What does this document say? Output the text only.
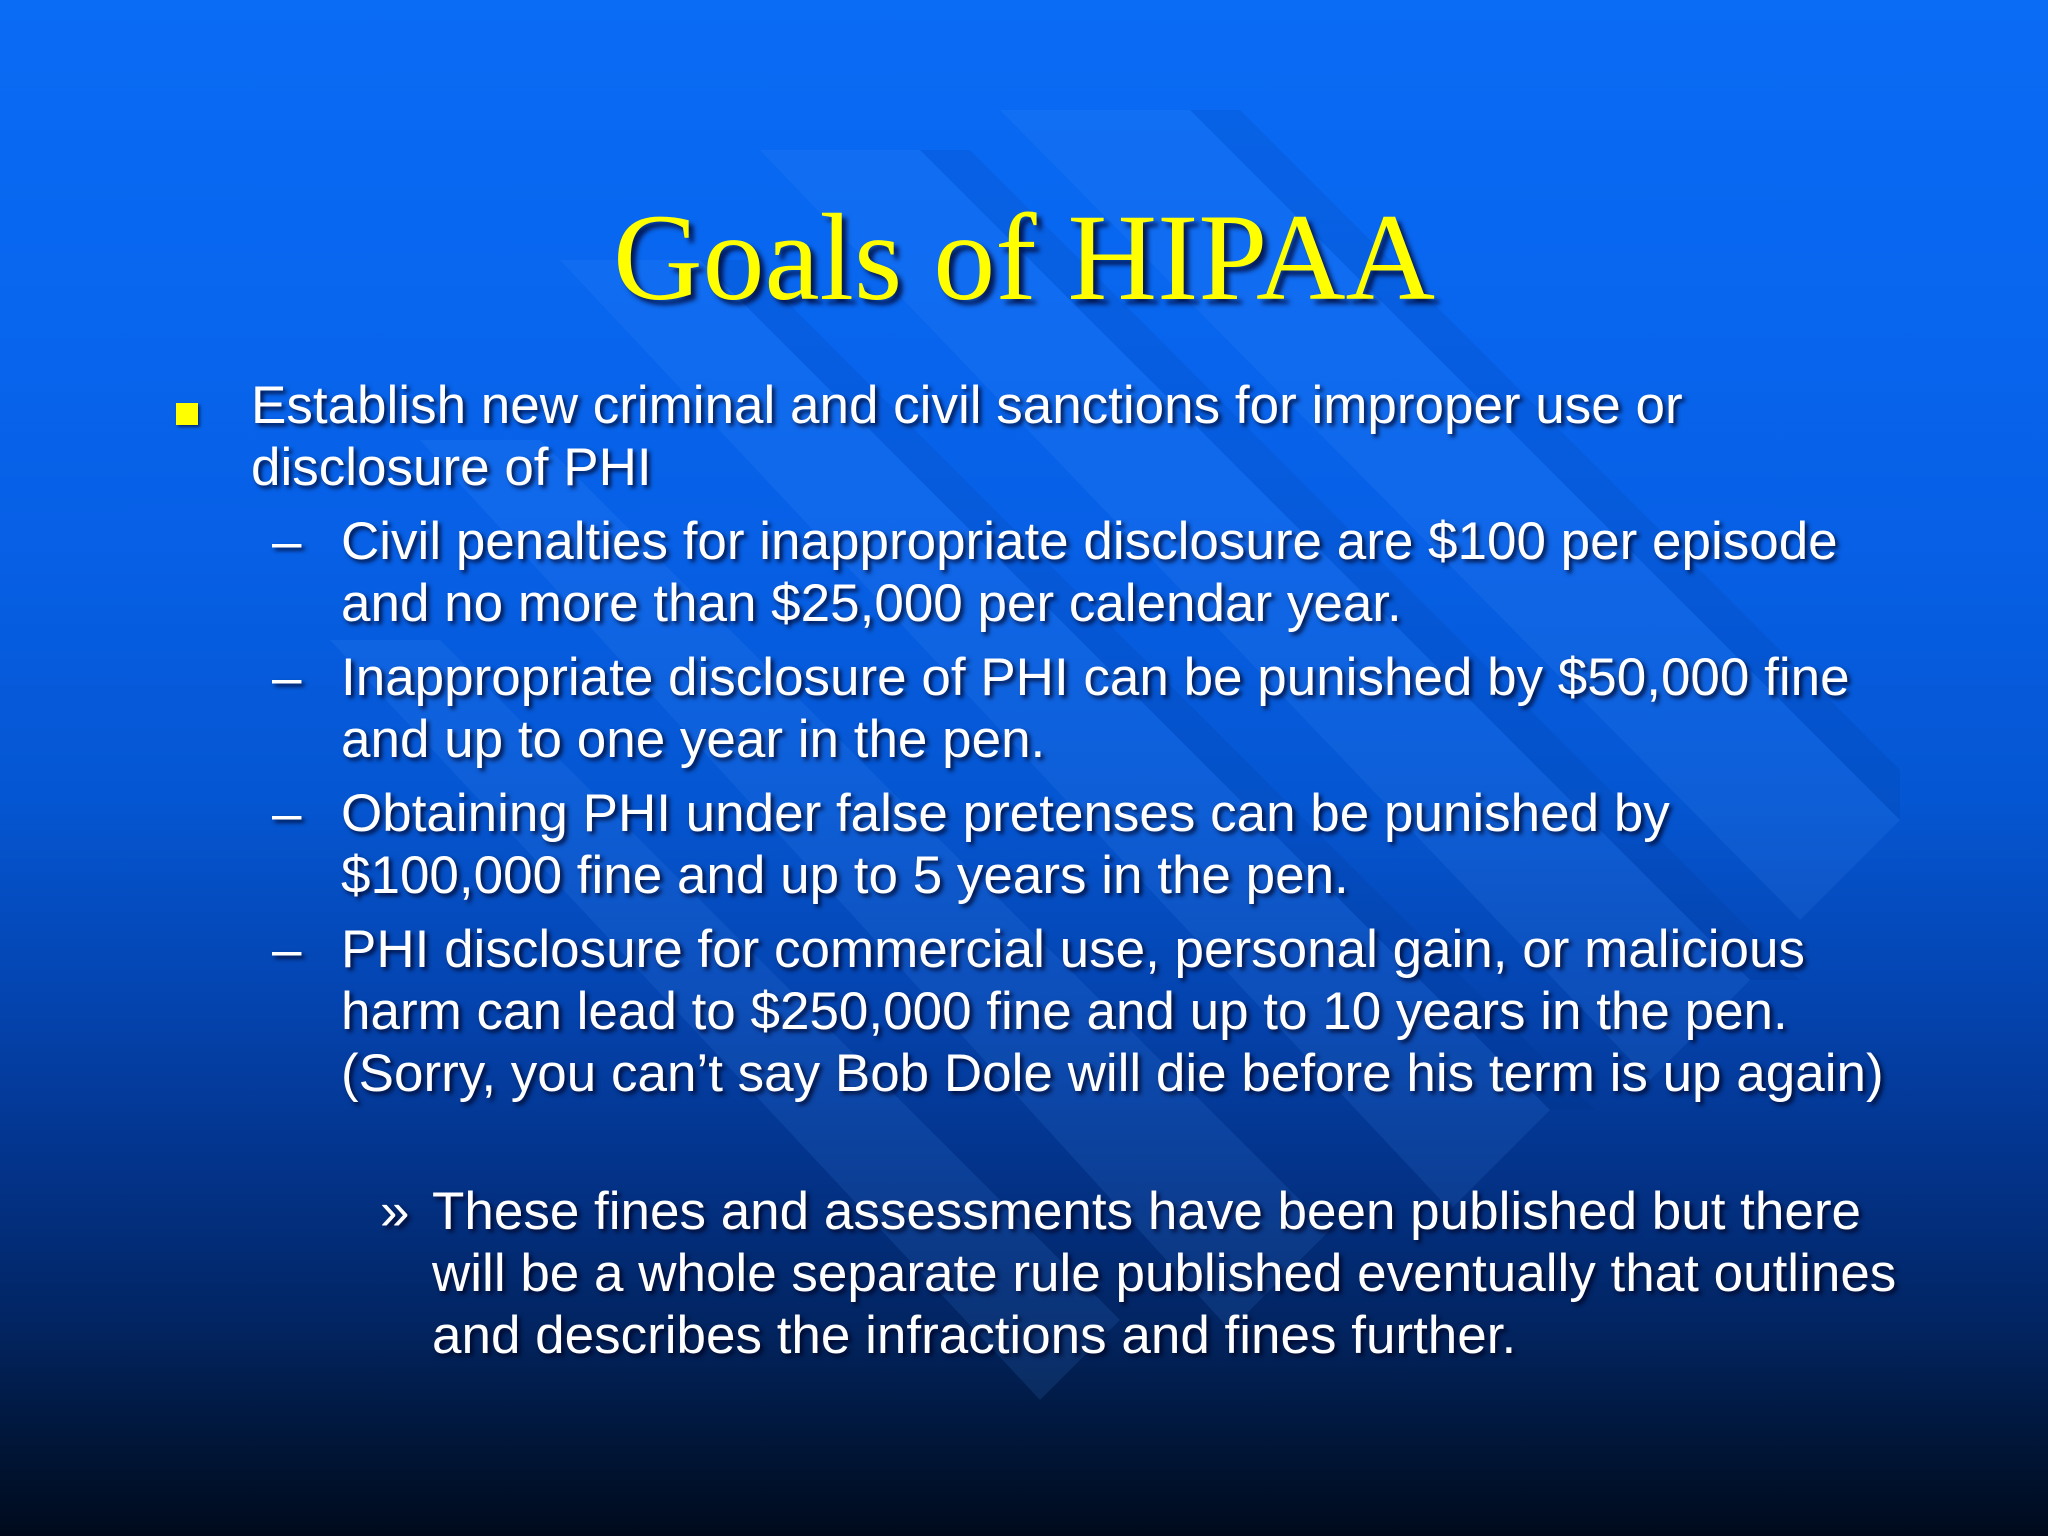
Goals of HIPAA
Establish new criminal and civil sanctions for improper use or disclosure of PHI
– Civil penalties for inappropriate disclosure are $100 per episode and no more than $25,000 per calendar year.
– Inappropriate disclosure of PHI can be punished by $50,000 fine and up to one year in the pen.
– Obtaining PHI under false pretenses can be punished by $100,000 fine and up to 5 years in the pen.
– PHI disclosure for commercial use, personal gain, or malicious harm can lead to $250,000 fine and up to 10 years in the pen. (Sorry, you can’t say Bob Dole will die before his term is up again)
» These fines and assessments have been published but there will be a whole separate rule published eventually that outlines and describes the infractions and fines further.
